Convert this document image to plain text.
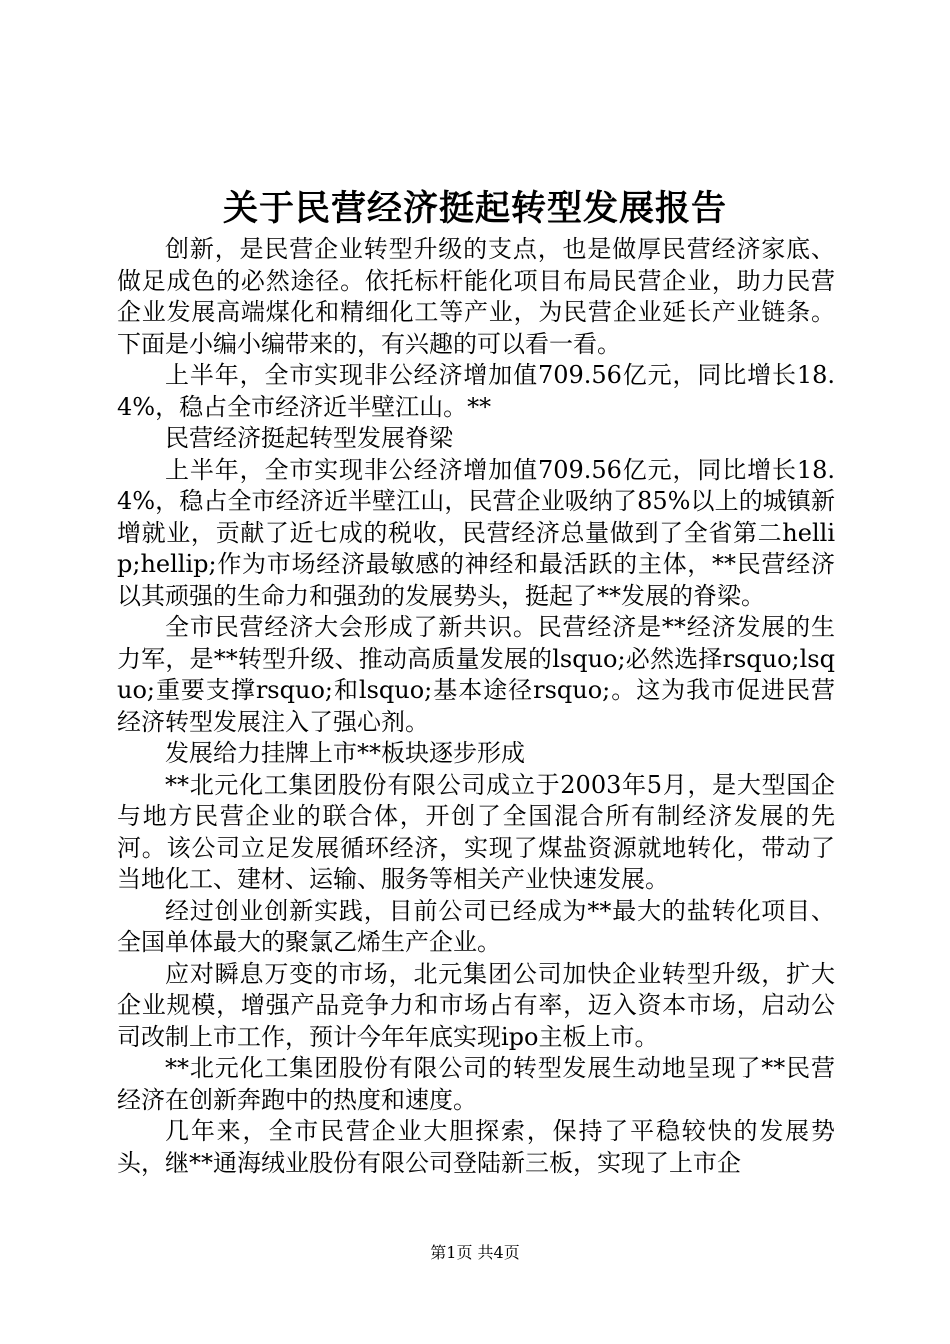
关于民营经济挺起转型发展报告

创新，是民营企业转型升级的支点，也是做厚民营经济家底、做足成色的必然途径。依托标杆能化项目布局民营企业，助力民营企业发展高端煤化和精细化工等产业，为民营企业延长产业链条。下面是小编小编带来的，有兴趣的可以看一看。

上半年，全市实现非公经济增加值709.56亿元，同比增长18.4%，稳占全市经济近半壁江山。**

民营经济挺起转型发展脊梁

上半年，全市实现非公经济增加值709.56亿元，同比增长18.4%，稳占全市经济近半壁江山，民营企业吸纳了85%以上的城镇新增就业，贡献了近七成的税收，民营经济总量做到了全省第二hellip;hellip;作为市场经济最敏感的神经和最活跃的主体，**民营经济以其顽强的生命力和强劲的发展势头，挺起了**发展的脊梁。

全市民营经济大会形成了新共识。民营经济是**经济发展的生力军，是**转型升级、推动高质量发展的lsquo;必然选择rsquo;lsquo;重要支撑rsquo;和lsquo;基本途径rsquo;。这为我市促进民营经济转型发展注入了强心剂。

发展给力挂牌上市**板块逐步形成

**北元化工集团股份有限公司成立于2003年5月，是大型国企与地方民营企业的联合体，开创了全国混合所有制经济发展的先河。该公司立足发展循环经济，实现了煤盐资源就地转化，带动了当地化工、建材、运输、服务等相关产业快速发展。

经过创业创新实践，目前公司已经成为**最大的盐转化项目、全国单体最大的聚氯乙烯生产企业。

应对瞬息万变的市场，北元集团公司加快企业转型升级，扩大企业规模，增强产品竞争力和市场占有率，迈入资本市场，启动公司改制上市工作，预计今年年底实现ipo主板上市。

**北元化工集团股份有限公司的转型发展生动地呈现了**民营经济在创新奔跑中的热度和速度。

几年来，全市民营企业大胆探索，保持了平稳较快的发展势头，继**通海绒业股份有限公司登陆新三板，实现了上市企

第1页 共4页
